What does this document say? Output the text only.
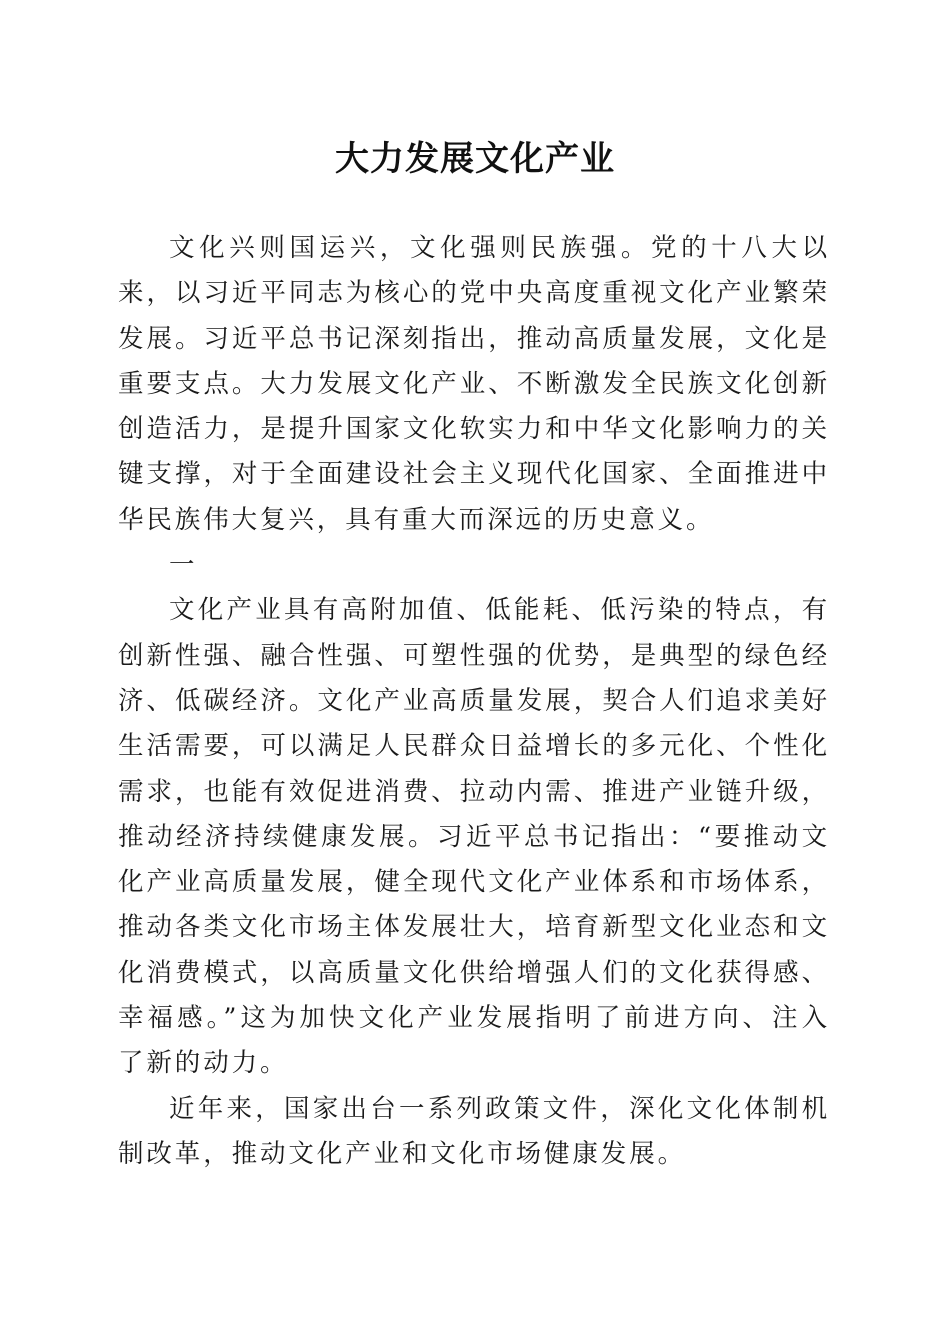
大力发展文化产业

文化兴则国运兴，文化强则民族强。党的十八大以来，以习近平同志为核心的党中央高度重视文化产业繁荣发展。习近平总书记深刻指出，推动高质量发展，文化是重要支点。大力发展文化产业、不断激发全民族文化创新创造活力，是提升国家文化软实力和中华文化影响力的关键支撑，对于全面建设社会主义现代化国家、全面推进中华民族伟大复兴，具有重大而深远的历史意义。

一

文化产业具有高附加值、低能耗、低污染的特点，有创新性强、融合性强、可塑性强的优势，是典型的绿色经济、低碳经济。文化产业高质量发展，契合人们追求美好生活需要，可以满足人民群众日益增长的多元化、个性化需求，也能有效促进消费、拉动内需、推进产业链升级，推动经济持续健康发展。习近平总书记指出：“要推动文化产业高质量发展，健全现代文化产业体系和市场体系，推动各类文化市场主体发展壮大，培育新型文化业态和文化消费模式，以高质量文化供给增强人们的文化获得感、幸福感。”这为加快文化产业发展指明了前进方向、注入了新的动力。

近年来，国家出台一系列政策文件，深化文化体制机制改革，推动文化产业和文化市场健康发展。
